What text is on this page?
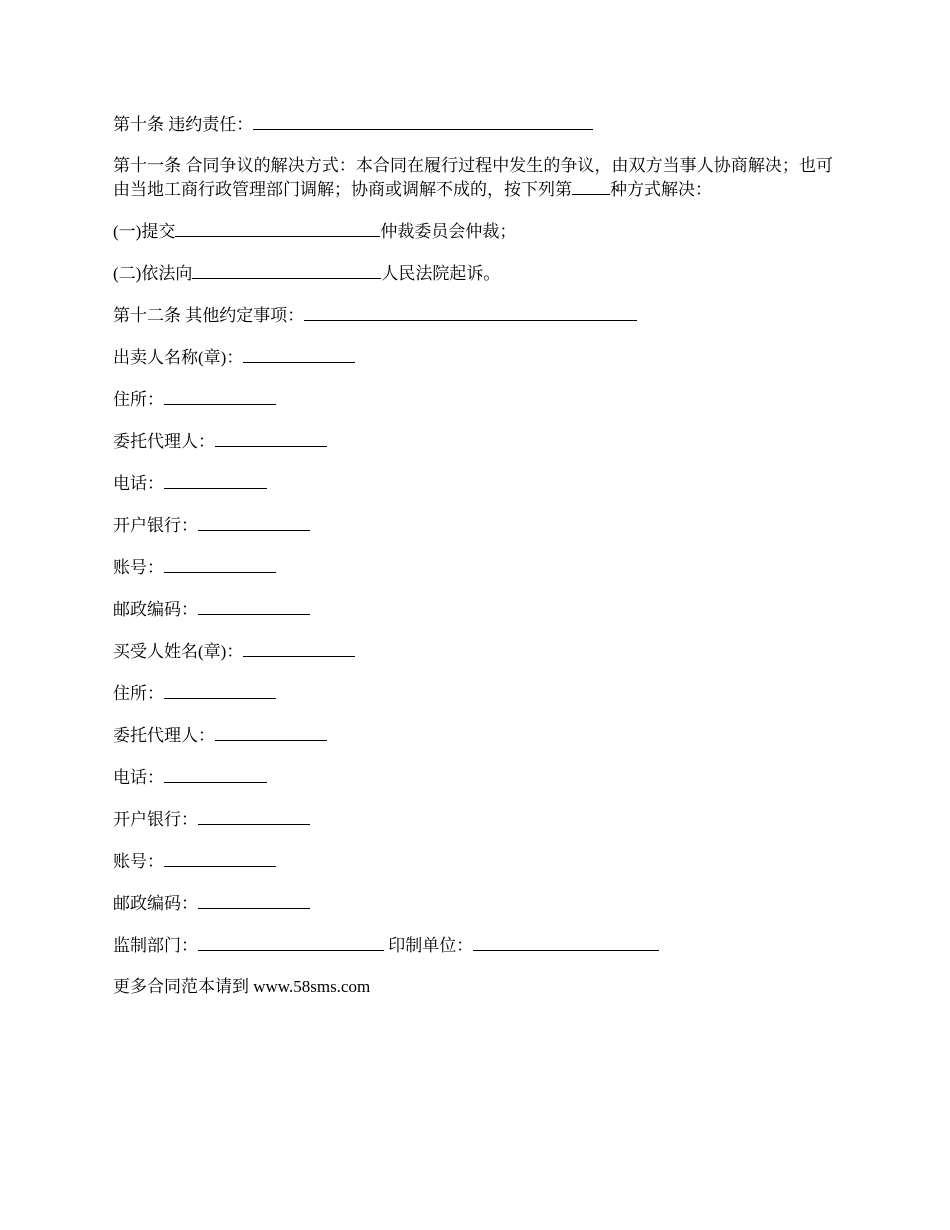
第十条 违约责任：

第十一条 合同争议的解决方式：本合同在履行过程中发生的争议，由双方当事人协商解决；也可由当地工商行政管理部门调解；协商或调解不成的，按下列第 种方式解决：

(一)提交	仲裁委员会仲裁；

(二)依法向	人民法院起诉。

第十二条 其他约定事项：

出卖人名称(章)：

住所：

委托代理人：

电话：

开户银行：

账号：

邮政编码：

买受人姓名(章)：

住所：

委托代理人：

电话：

开户银行：

账号：

邮政编码：

监制部门：	印制单位：

更多合同范本请到 www.58sms.com
